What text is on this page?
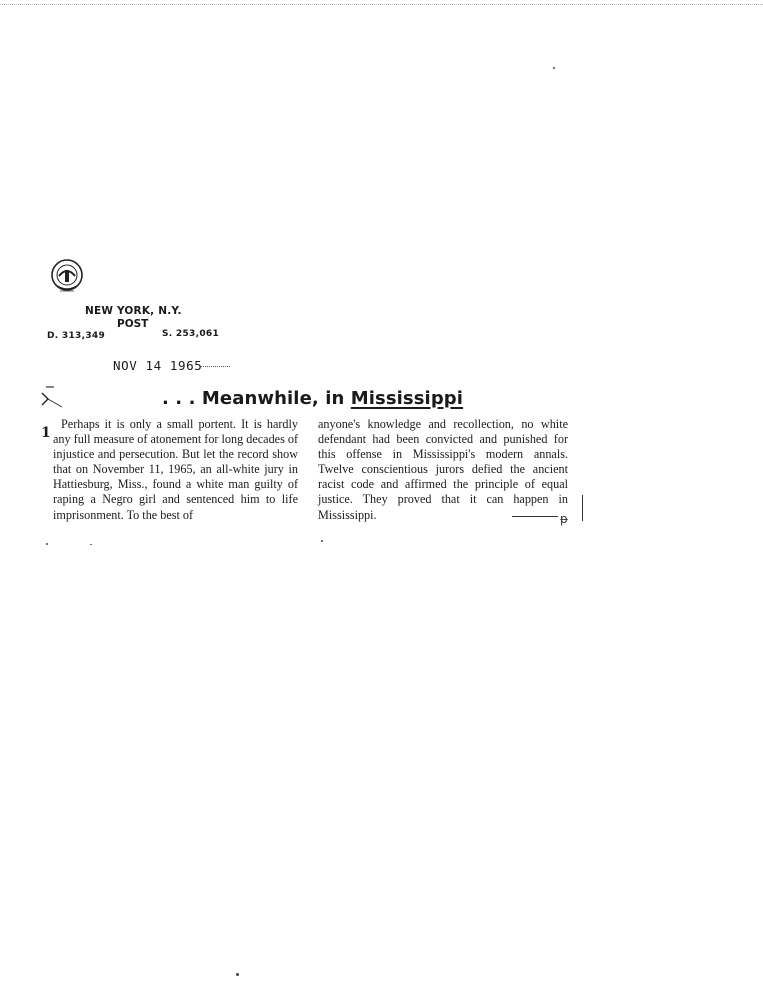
NEW YORK, N.Y.
POST
D. 313,349	S. 253,061
NOV 14 1965
1
. . . Meanwhile, in Mississippi
Perhaps it is only a small portent. It is hardly any full measure of atonement for long decades of injustice and persecution. But let the record show that on November 11, 1965, an all-white jury in Hattiesburg, Miss., found a white man guilty of raping a Negro girl and sentenced him to life imprisonment. To the best of
anyone's knowledge and recollection, no white defendant had been convicted and punished for this offense in Mississippi's modern annals. Twelve conscientious jurors defied the ancient racist code and affirmed the principle of equal justice. They proved that it can happen in Mississippi.	ᵽ
